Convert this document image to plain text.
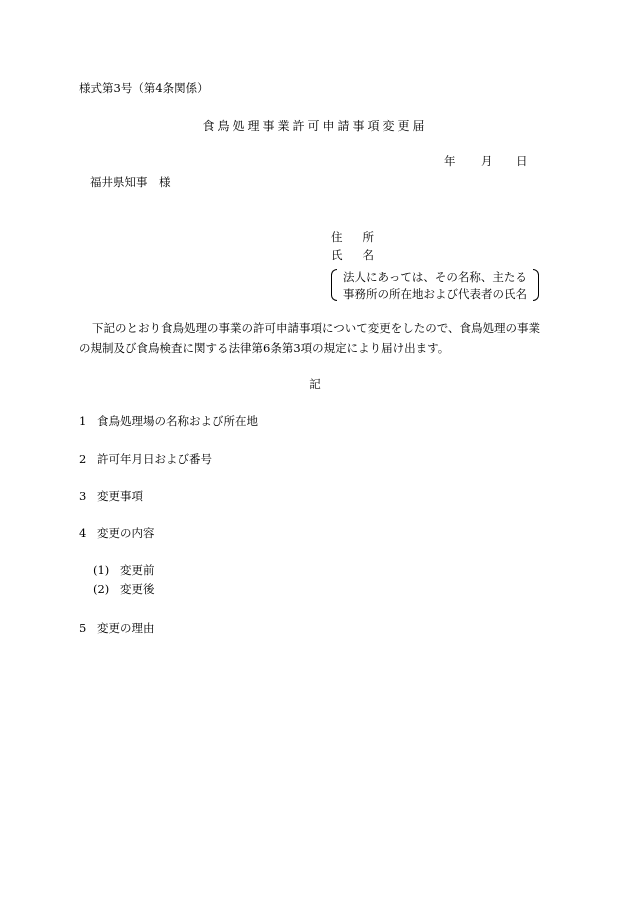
様式第3号（第4条関係）
食鳥処理事業許可申請事項変更届
年 月 日
福井県知事　様
住 所
氏 名
法人にあっては、その名称、主たる
事務所の所在地および代表者の氏名
下記のとおり食鳥処理の事業の許可申請事項について変更をしたので、食鳥処理の事業
の規制及び食鳥検査に関する法律第6条第3項の規定により届け出ます。
記
1 食鳥処理場の名称および所在地
2 許可年月日および番号
3 変更事項
4 変更の内容
(1) 変更前
(2) 変更後
5 変更の理由
